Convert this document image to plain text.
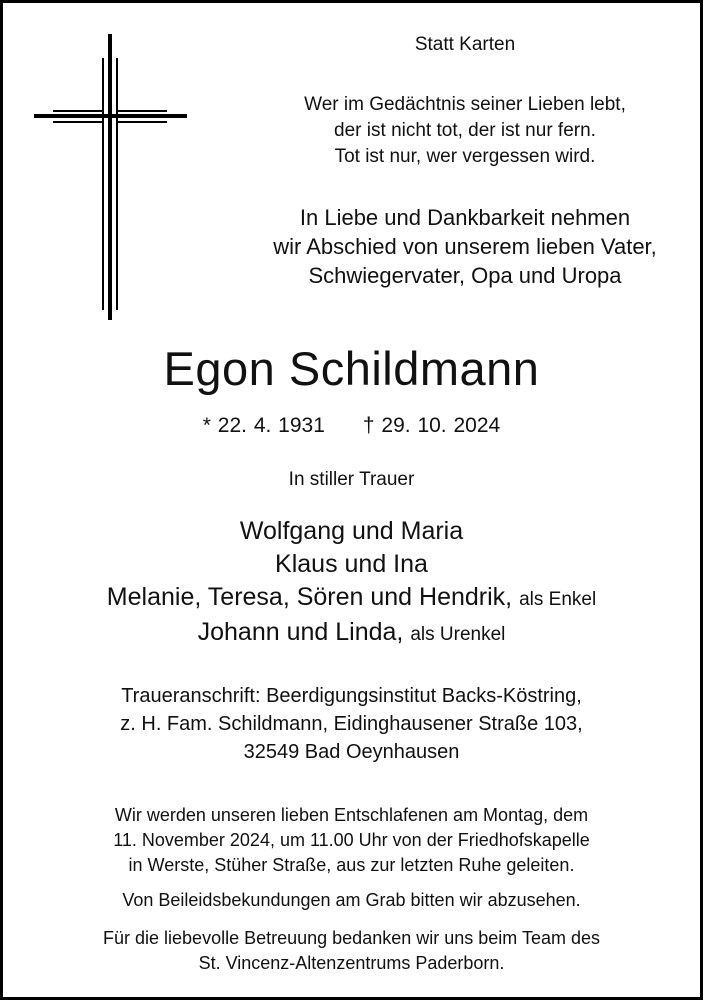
Statt Karten
Wer im Gedächtnis seiner Lieben lebt,
der ist nicht tot, der ist nur fern.
Tot ist nur, wer vergessen wird.
In Liebe und Dankbarkeit nehmen
wir Abschied von unserem lieben Vater,
Schwiegervater, Opa und Uropa
Egon Schildmann
* 22. 4. 1931 † 29. 10. 2024
In stiller Trauer
Wolfgang und Maria
Klaus und Ina
Melanie, Teresa, Sören und Hendrik, als Enkel
Johann und Linda, als Urenkel
Traueranschrift: Beerdigungsinstitut Backs-Köstring,
z. H. Fam. Schildmann, Eidinghausener Straße 103,
32549 Bad Oeynhausen
Wir werden unseren lieben Entschlafenen am Montag, dem
11. November 2024, um 11.00 Uhr von der Friedhofskapelle
in Werste, Stüher Straße, aus zur letzten Ruhe geleiten.
Von Beileidsbekundungen am Grab bitten wir abzusehen.
Für die liebevolle Betreuung bedanken wir uns beim Team des
St. Vincenz-Altenzentrums Paderborn.
